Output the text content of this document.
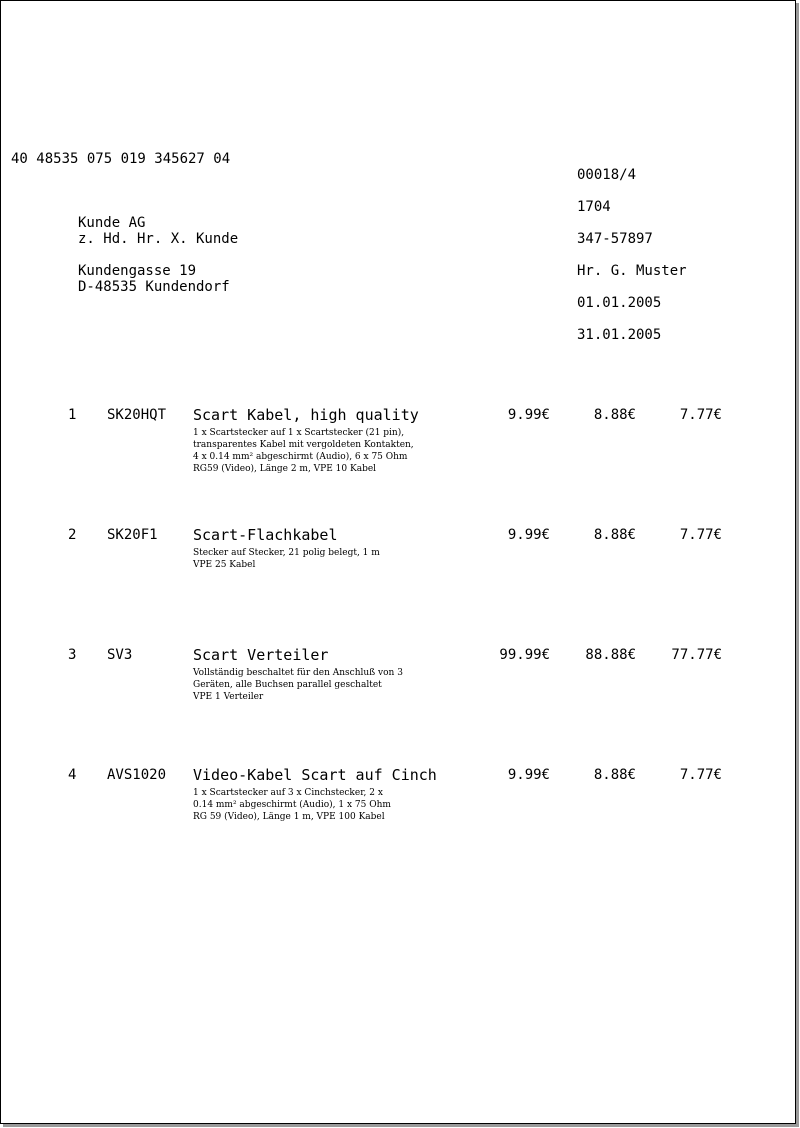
40 48535 075 019 345627 04
00018/4
1704
347-57897
Hr. G. Muster
01.01.2005
31.01.2005
Kunde AG
z. Hd. Hr. X. Kunde
Kundengasse 19
D-48535 Kundendorf
1 SK20HQT Scart Kabel, high quality	9.99€	8.88€	7.77€
1 x Scartstecker auf 1 x Scartstecker (21 pin),
transparentes Kabel mit vergoldeten Kontakten,
4 x 0.14 mm² abgeschirmt (Audio), 6 x 75 Ohm
RG59 (Video), Länge 2 m, VPE 10 Kabel
2 SK20F1 Scart-Flachkabel	9.99€	8.88€	7.77€
Stecker auf Stecker, 21 polig belegt, 1 m
VPE 25 Kabel
3 SV3	Scart Verteiler	99.99€	88.88€	77.77€
Vollständig beschaltet für den Anschluß von 3
Geräten, alle Buchsen parallel geschaltet
VPE 1 Verteiler
4 AVS1020 Video-Kabel Scart auf Cinch	9.99€	8.88€	7.77€
1 x Scartstecker auf 3 x Cinchstecker, 2 x
0.14 mm² abgeschirmt (Audio), 1 x 75 Ohm
RG 59 (Video), Länge 1 m, VPE 100 Kabel
